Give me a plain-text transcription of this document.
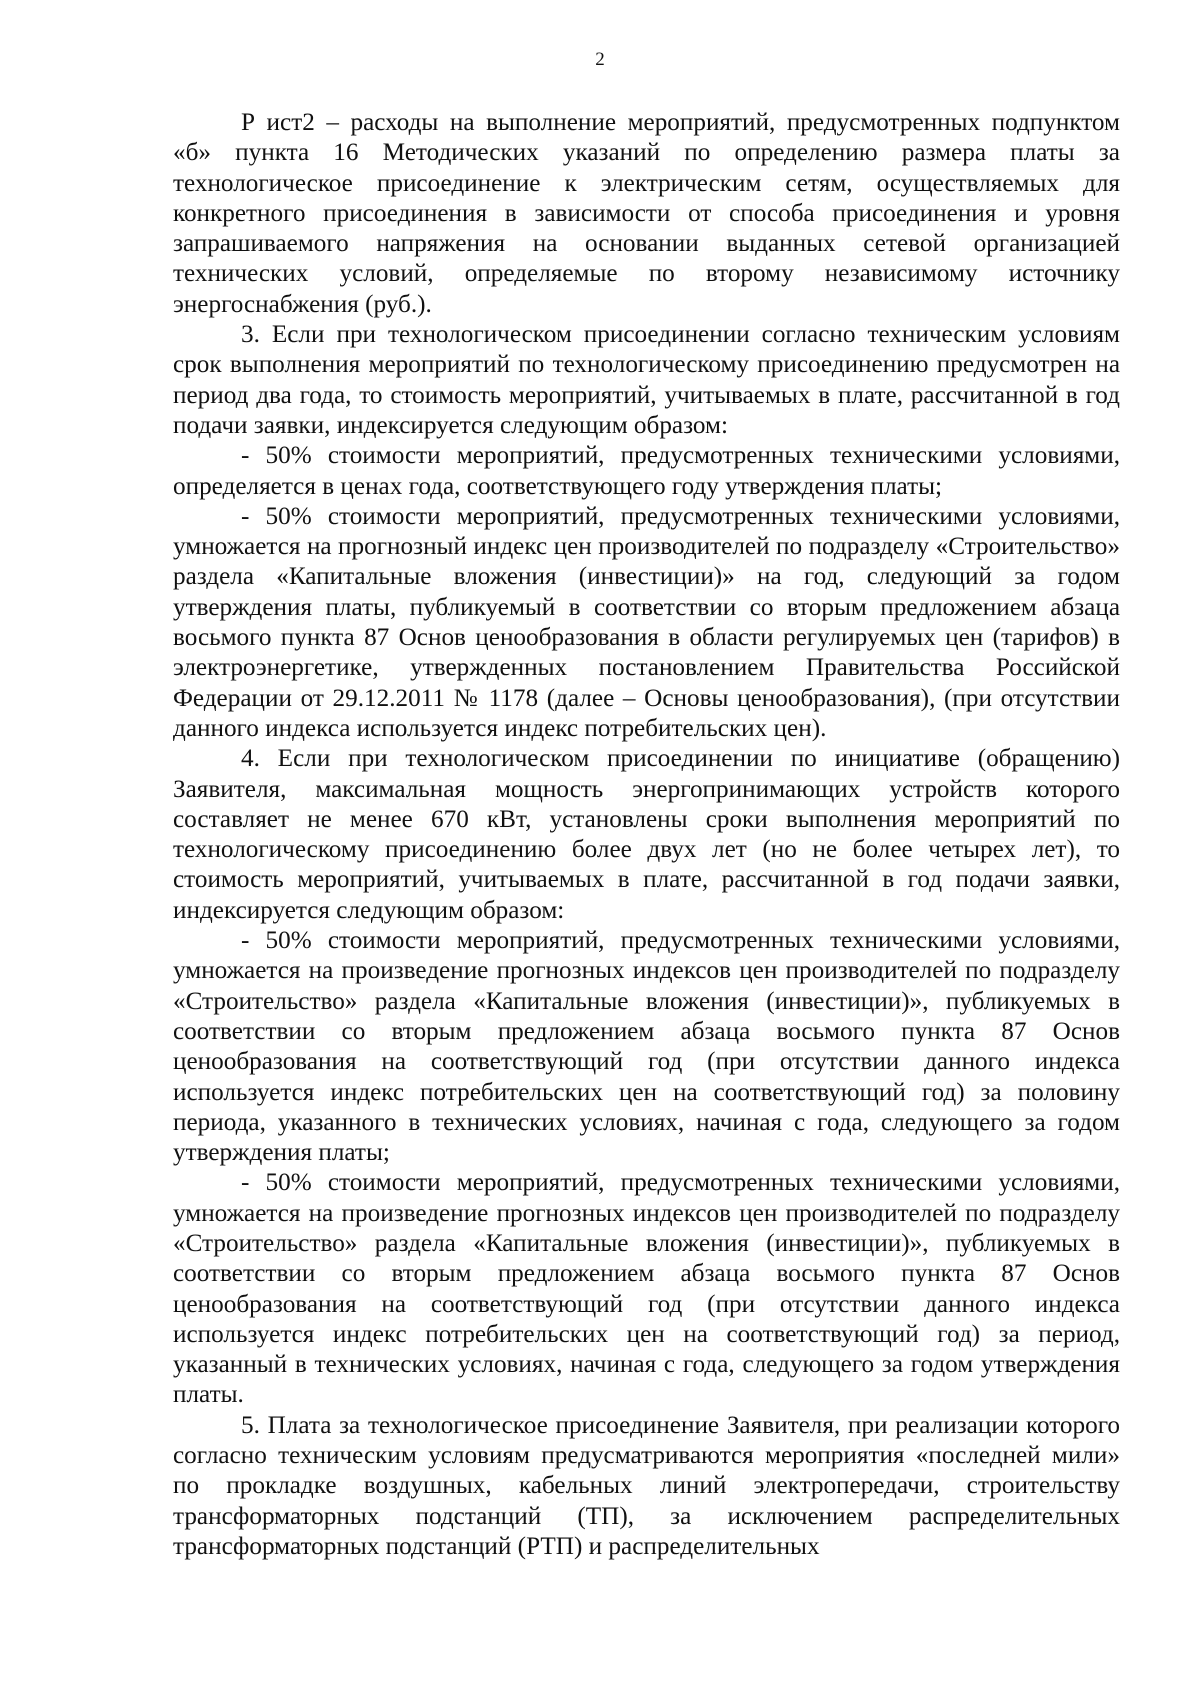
2

Р ист2 – расходы на выполнение мероприятий, предусмотренных подпунктом «б» пункта 16 Методических указаний по определению размера платы за технологическое присоединение к электрическим сетям, осуществляемых для конкретного присоединения в зависимости от способа присоединения и уровня запрашиваемого напряжения на основании выданных сетевой организацией технических условий, определяемые по второму независимому источнику энергоснабжения (руб.).

3. Если при технологическом присоединении согласно техническим условиям срок выполнения мероприятий по технологическому присоединению предусмотрен на период два года, то стоимость мероприятий, учитываемых в плате, рассчитанной в год подачи заявки, индексируется следующим образом:

- 50% стоимости мероприятий, предусмотренных техническими условиями, определяется в ценах года, соответствующего году утверждения платы;

- 50% стоимости мероприятий, предусмотренных техническими условиями, умножается на прогнозный индекс цен производителей по подразделу «Строительство» раздела «Капитальные вложения (инвестиции)» на год, следующий за годом утверждения платы, публикуемый в соответствии со вторым предложением абзаца восьмого пункта 87 Основ ценообразования в области регулируемых цен (тарифов) в электроэнергетике, утвержденных постановлением Правительства Российской Федерации от 29.12.2011 № 1178 (далее – Основы ценообразования), (при отсутствии данного индекса используется индекс потребительских цен).

4. Если при технологическом присоединении по инициативе (обращению) Заявителя, максимальная мощность энергопринимающих устройств которого составляет не менее 670 кВт, установлены сроки выполнения мероприятий по технологическому присоединению более двух лет (но не более четырех лет), то стоимость мероприятий, учитываемых в плате, рассчитанной в год подачи заявки, индексируется следующим образом:

- 50% стоимости мероприятий, предусмотренных техническими условиями, умножается на произведение прогнозных индексов цен производителей по подразделу «Строительство» раздела «Капитальные вложения (инвестиции)», публикуемых в соответствии со вторым предложением абзаца восьмого пункта 87 Основ ценообразования на соответствующий год (при отсутствии данного индекса используется индекс потребительских цен на соответствующий год) за половину периода, указанного в технических условиях, начиная с года, следующего за годом утверждения платы;

- 50% стоимости мероприятий, предусмотренных техническими условиями, умножается на произведение прогнозных индексов цен производителей по подразделу «Строительство» раздела «Капитальные вложения (инвестиции)», публикуемых в соответствии со вторым предложением абзаца восьмого пункта 87 Основ ценообразования на соответствующий год (при отсутствии данного индекса используется индекс потребительских цен на соответствующий год) за период, указанный в технических условиях, начиная с года, следующего за годом утверждения платы.

5. Плата за технологическое присоединение Заявителя, при реализации которого согласно техническим условиям предусматриваются мероприятия «последней мили» по прокладке воздушных, кабельных линий электропередачи, строительству трансформаторных подстанций (ТП), за исключением распределительных трансформаторных подстанций (РТП) и распределительных
